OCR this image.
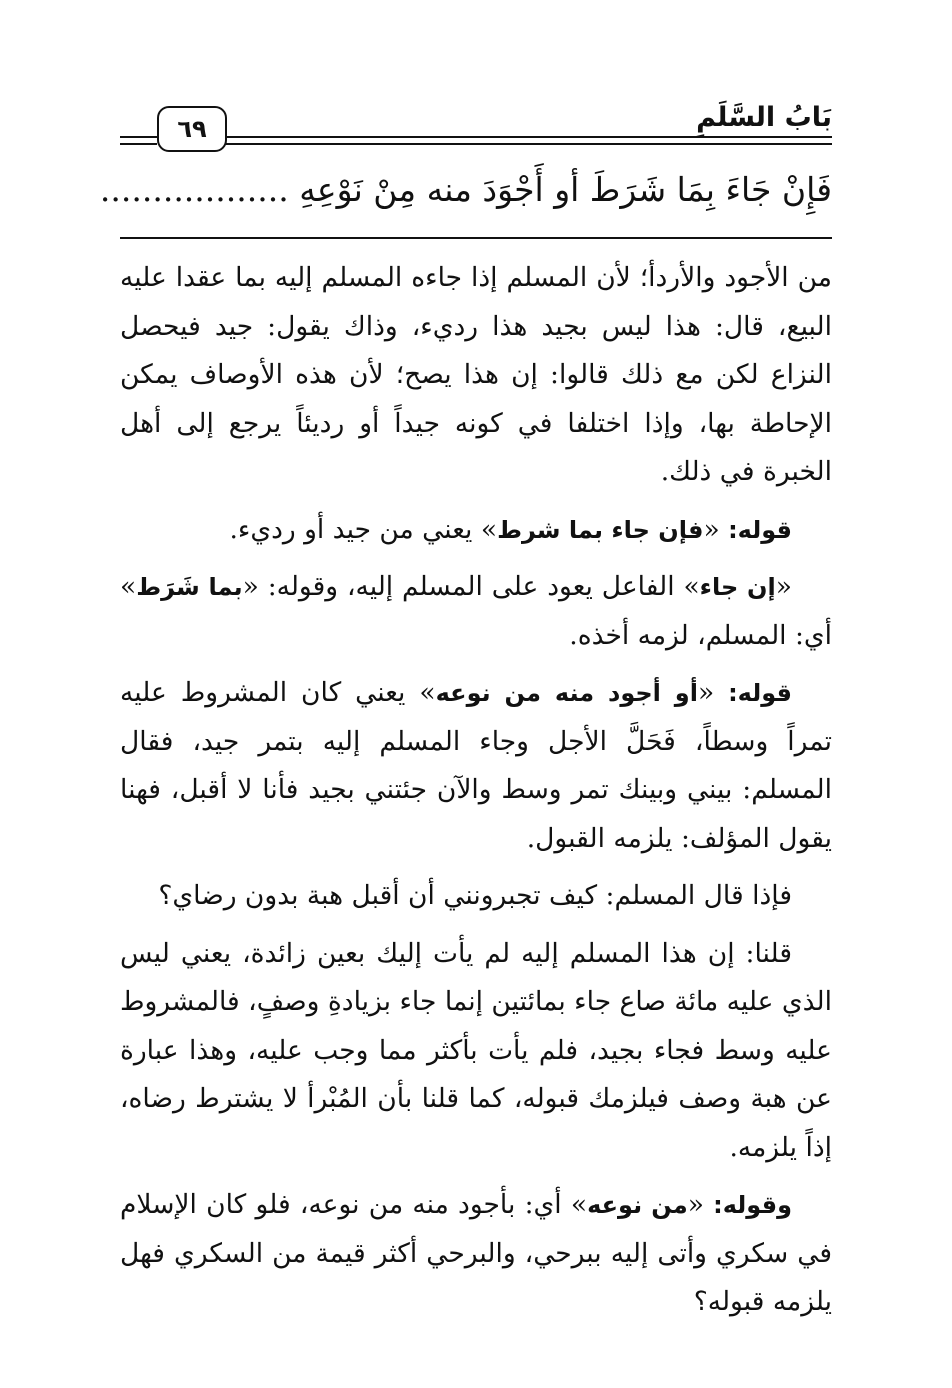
٦٩	بَابُ السَّلَمِ
فَإِنْ جَاءَ بِمَا شَرَطَ أو أَجْوَدَ منه مِنْ نَوْعِهِ ..................

من الأجود والأردأ؛ لأن المسلم إذا جاءه المسلم إليه بما عقدا عليه البيع، قال: هذا ليس بجيد هذا رديء، وذاك يقول: جيد فيحصل النزاع لكن مع ذلك قالوا: إن هذا يصح؛ لأن هذه الأوصاف يمكن الإحاطة بها، وإذا اختلفا في كونه جيداً أو رديئاً يرجع إلى أهل الخبرة في ذلك.

قوله: «فإن جاء بما شرط» يعني من جيد أو رديء.

«إن جاء» الفاعل يعود على المسلم إليه، وقوله: «بما شَرَط» أي: المسلم، لزمه أخذه.

قوله: «أو أجود منه من نوعه» يعني كان المشروط عليه تمراً وسطاً، فَحَلَّ الأجل وجاء المسلم إليه بتمر جيد، فقال المسلم: بيني وبينك تمر وسط والآن جئتني بجيد فأنا لا أقبل، فهنا يقول المؤلف: يلزمه القبول.

فإذا قال المسلم: كيف تجبرونني أن أقبل هبة بدون رضاي؟

قلنا: إن هذا المسلم إليه لم يأت إليك بعين زائدة، يعني ليس الذي عليه مائة صاع جاء بمائتين إنما جاء بزيادةِ وصفٍ، فالمشروط عليه وسط فجاء بجيد، فلم يأت بأكثر مما وجب عليه، وهذا عبارة عن هبة وصف فيلزمك قبوله، كما قلنا بأن المُبْرأ لا يشترط رضاه، إذاً يلزمه.

وقوله: «من نوعه» أي: بأجود منه من نوعه، فلو كان الإسلام في سكري وأتى إليه ببرحي، والبرحي أكثر قيمة من السكري فهل يلزمه قبوله؟
